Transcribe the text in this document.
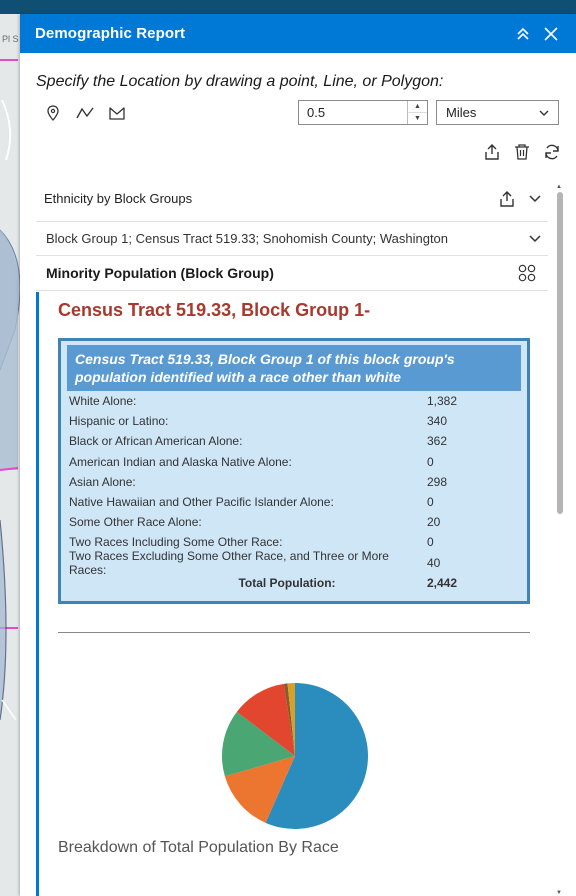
Pl S Demographic Report
Specify the Location by drawing a point, Line, or Polygon:
0.5	▲
▼	Miles
Ethnicity by Block Groups
Block Group 1; Census Tract 519.33; Snohomish County; Washington
Minority Population (Block Group)
Census Tract 519.33, Block Group 1-
Census Tract 519.33, Block Group 1 of this block group's population identified with a race other than white
White Alone:	1,382
Hispanic or Latino:	340
Black or African American Alone:	362
American Indian and Alaska Native Alone:	0
Asian Alone:	298
Native Hawaiian and Other Pacific Islander Alone:	0
Some Other Race Alone:	20
Two Races Including Some Other Race:	0
Two Races Excluding Some Other Race, and Three or More Races:	40
Total Population:	2,442
Breakdown of Total Population By Race
▲
▼
